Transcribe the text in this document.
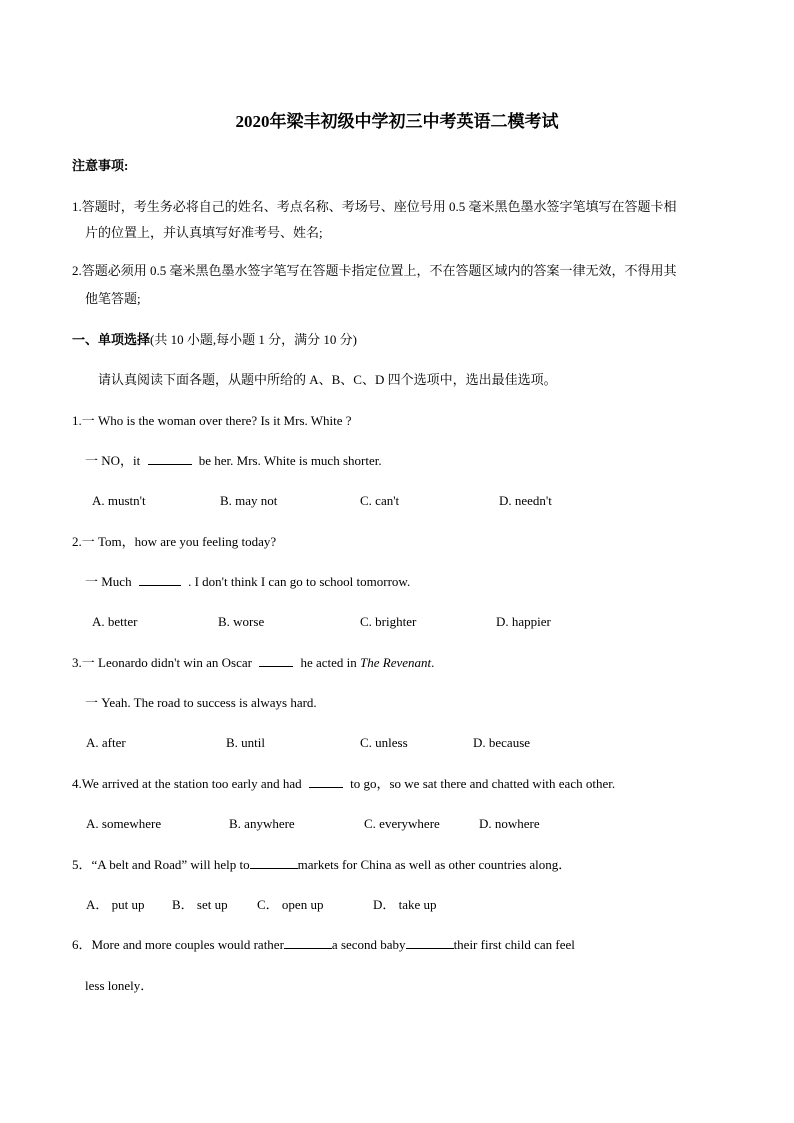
2020年梁丰初级中学初三中考英语二模考试
注意事项:
1.答题时，考生务必将自己的姓名、考点名称、考场号、座位号用 0.5 毫米黑色墨水签字笔填写在答题卡相
片的位置上，并认真填写好准考号、姓名;
2.答题必须用 0.5 毫米黑色墨水签字笔写在答题卡指定位置上，不在答题区域内的答案一律无效，不得用其
他笔答题;
一、单项选择(共 10 小题,每小题 1 分，满分 10 分)
请认真阅读下面各题，从题中所给的 A、B、C、D 四个选项中，选出最佳选项。
1.一 Who is the woman over there? Is it Mrs. White ?
一 NO，it	be her. Mrs. White is much shorter.
A. mustn't	B. may not	C. can't	D. needn't
2.一 Tom，how are you feeling today?
一 Much	. I don't think I can go to school tomorrow.
A. better	B. worse	C. brighter	D. happier
3.一 Leonardo didn't win an Oscar	he acted in The Revenant.
一 Yeah. The road to success is always hard.
A. after	B. until	C. unless	D. because
4.We arrived at the station too early and had	to go，so we sat there and chatted with each other.
A. somewhere	B. anywhere	C. everywhere	D. nowhere
5．“A belt and Road” will help to	markets for China as well as other countries along．
A． put up B． set up C． open up	D． take up
6．More and more couples would rather	a second baby	their first child can feel
less lonely．
